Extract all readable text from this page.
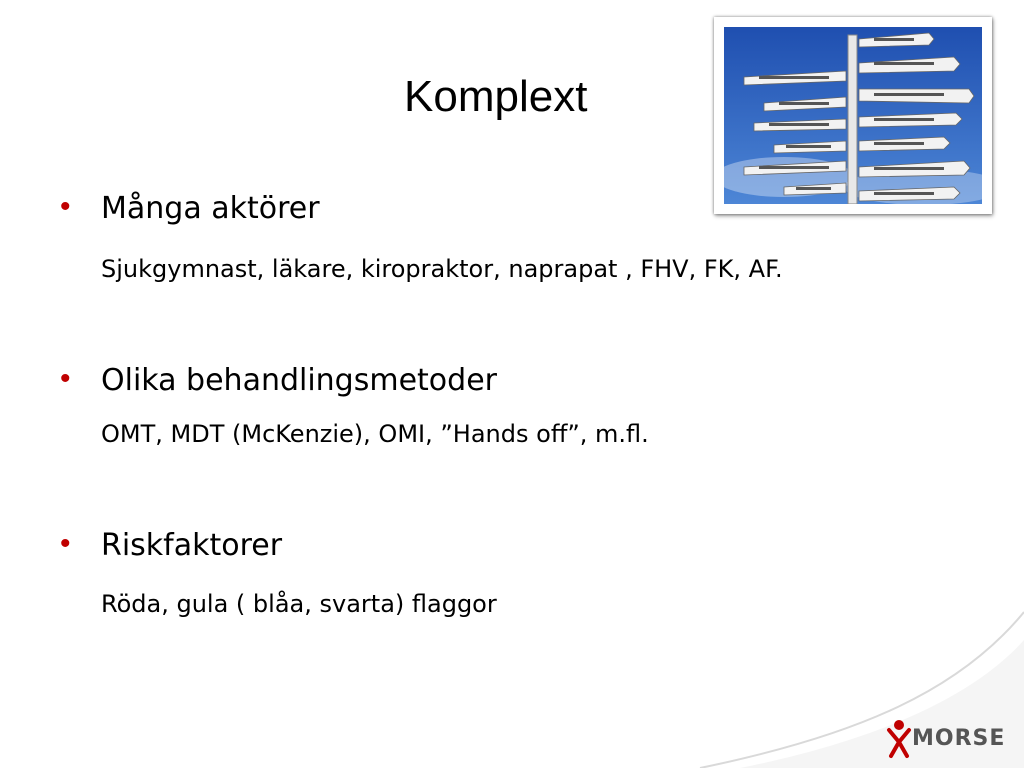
Komplext
• Många aktörer
Sjukgymnast, läkare, kiropraktor, naprapat , FHV, FK, AF.
• Olika behandlingsmetoder
OMT, MDT (McKenzie), OMI, ”Hands off”, m.fl.
• Riskfaktorer
Röda, gula ( blåa, svarta) flaggor
MORSE
